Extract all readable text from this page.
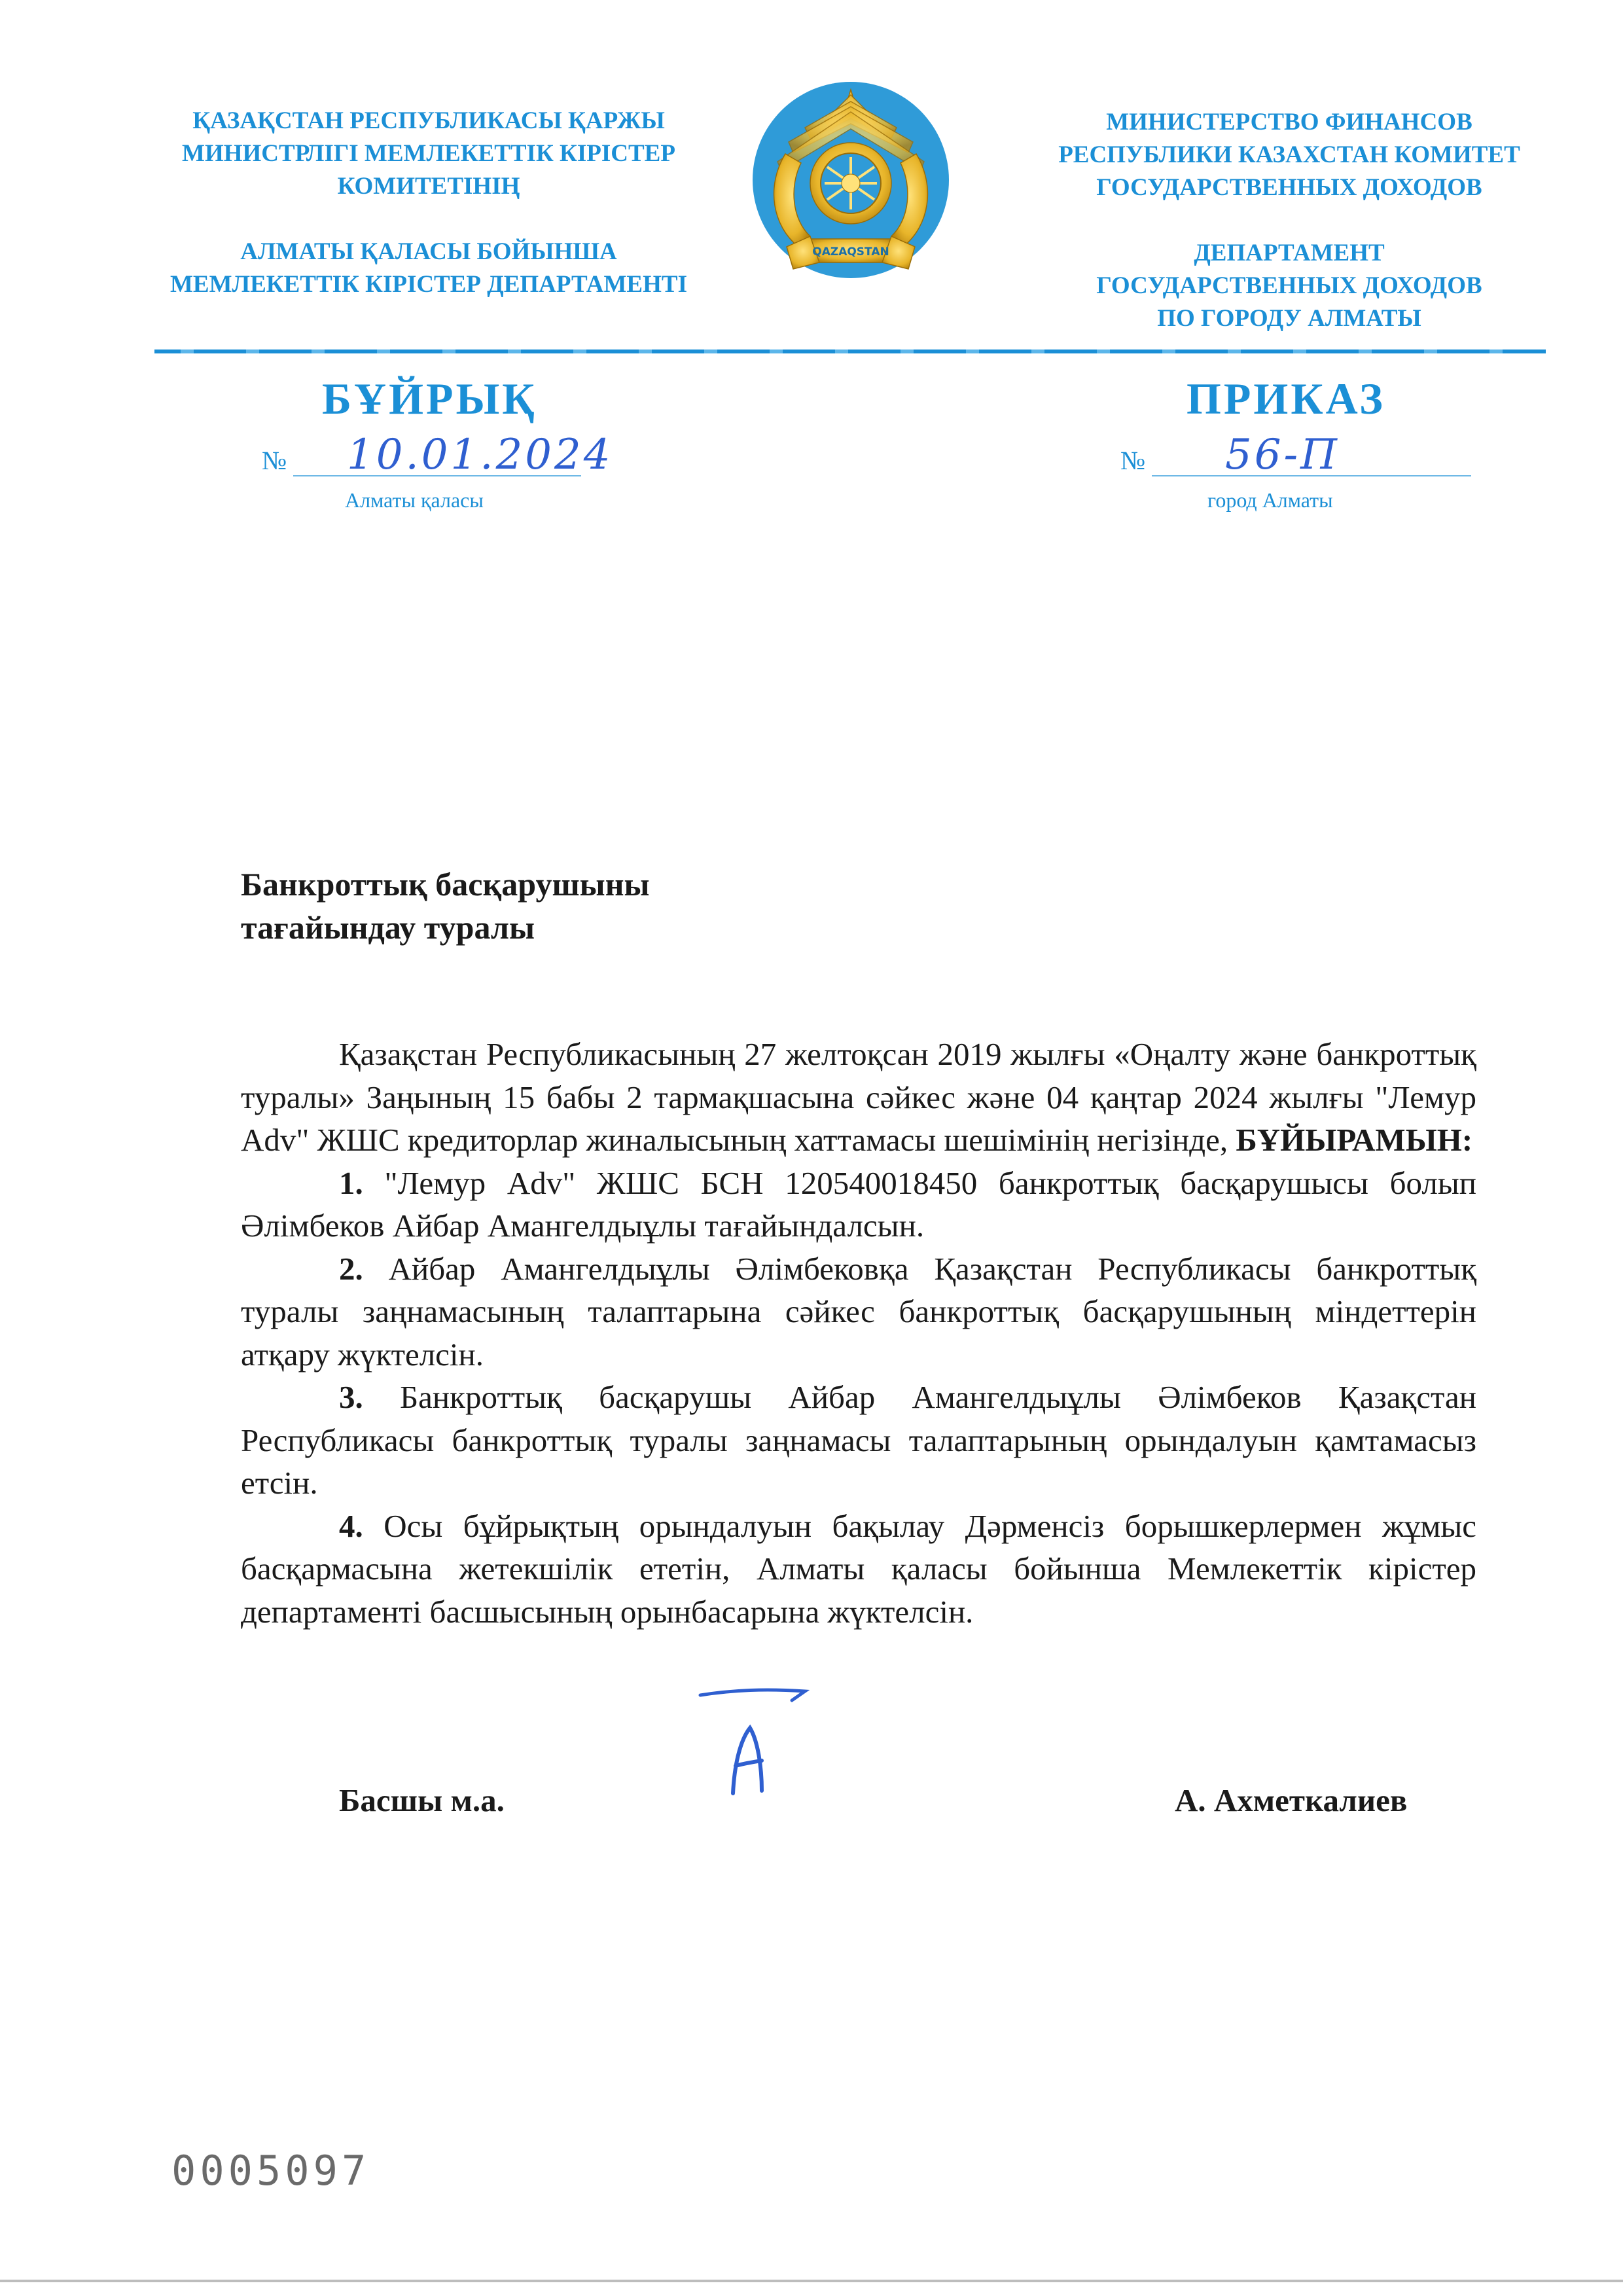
ҚАЗАҚСТАН РЕСПУБЛИКАСЫ ҚАРЖЫ
МИНИСТРЛІГІ МЕМЛЕКЕТТІК КІРІСТЕР
КОМИТЕТІНІҢ
АЛМАТЫ ҚАЛАСЫ БОЙЫНША
МЕМЛЕКЕТТІК КІРІСТЕР ДЕПАРТАМЕНТІ
QAZAQSTAN
МИНИСТЕРСТВО ФИНАНСОВ
РЕСПУБЛИКИ КАЗАХСТАН КОМИТЕТ
ГОСУДАРСТВЕННЫХ ДОХОДОВ
ДЕПАРТАМЕНТ
ГОСУДАРСТВЕННЫХ ДОХОДОВ
ПО ГОРОДУ АЛМАТЫ
БҰЙРЫҚ	ПРИКАЗ
№ 10.01.2024	№ 56-П
Алматы қаласы	город Алматы
Банкроттық басқарушыны
тағайындау туралы

Қазақстан Республикасының 27 желтоқсан 2019 жылғы «Оңалту және банкроттық туралы» Заңының 15 бабы 2 тармақшасына сәйкес және 04 қаңтар 2024 жылғы "Лемур Adv" ЖШС кредиторлар жиналысының хаттамасы шешімінің негізінде, БҰЙЫРАМЫН:

1. "Лемур Adv" ЖШС БСН 120540018450 банкроттық басқарушысы болып Әлімбеков Айбар Амангелдыұлы тағайындалсын.

2. Айбар Амангелдыұлы Әлімбековқа Қазақстан Республикасы банкроттық туралы заңнамасының талаптарына сәйкес банкроттық басқарушының міндеттерін атқару жүктелсін.

3. Банкроттық басқарушы Айбар Амангелдыұлы Әлімбеков Қазақстан Республикасы банкроттық туралы заңнамасы талаптарының орындалуын қамтамасыз етсін.

4. Осы бұйрықтың орындалуын бақылау Дәрменсіз борышкерлермен жұмыс басқармасына жетекшілік ететін, Алматы қаласы бойынша Мемлекеттік кірістер департаменті басшысының орынбасарына жүктелсін.

Басшы м.а.	А. Ахметкалиев
0005097
